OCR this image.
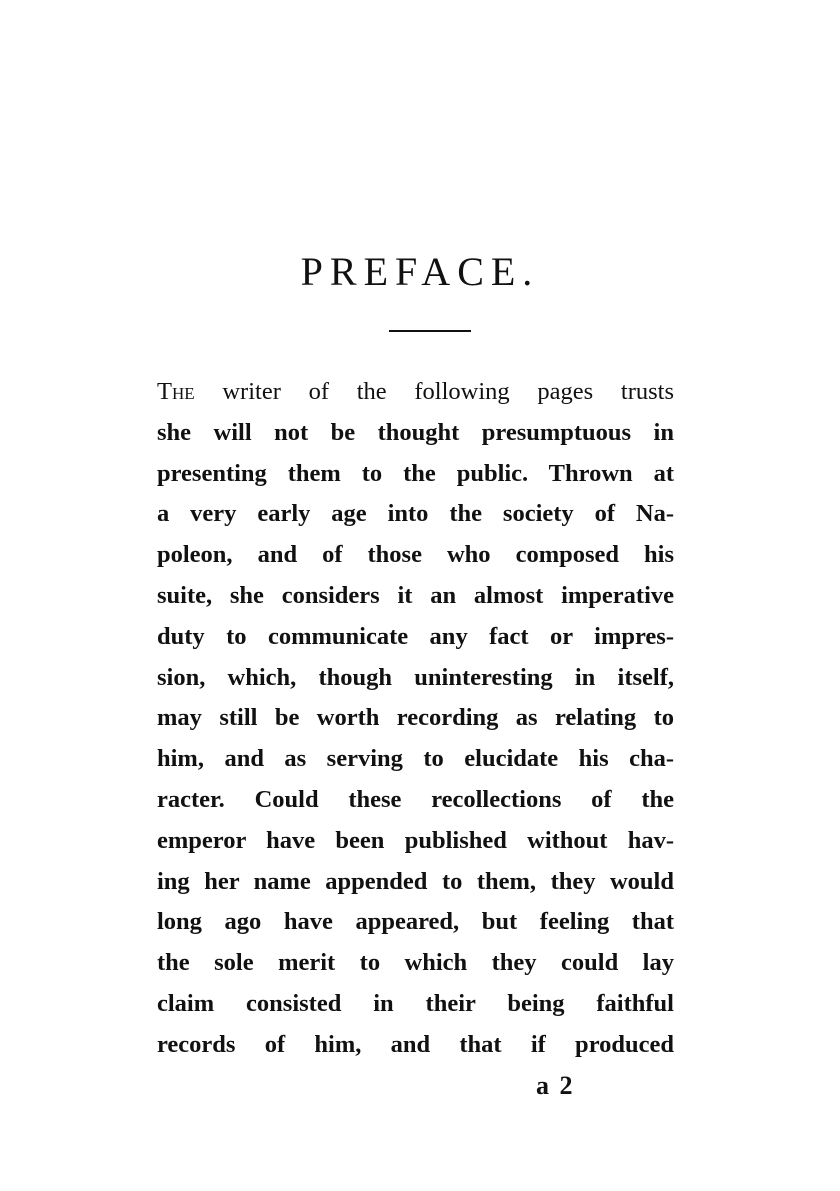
PREFACE.
The writer of the following pages trusts
she will not be thought presumptuous in
presenting them to the public. Thrown at
a very early age into the society of Na-
poleon, and of those who composed his
suite, she considers it an almost imperative
duty to communicate any fact or impres-
sion, which, though uninteresting in itself,
may still be worth recording as relating to
him, and as serving to elucidate his cha-
racter. Could these recollections of the
emperor have been published without hav-
ing her name appended to them, they would
long ago have appeared, but feeling that
the sole merit to which they could lay
claim consisted in their being faithful
records of him, and that if produced
a 2
